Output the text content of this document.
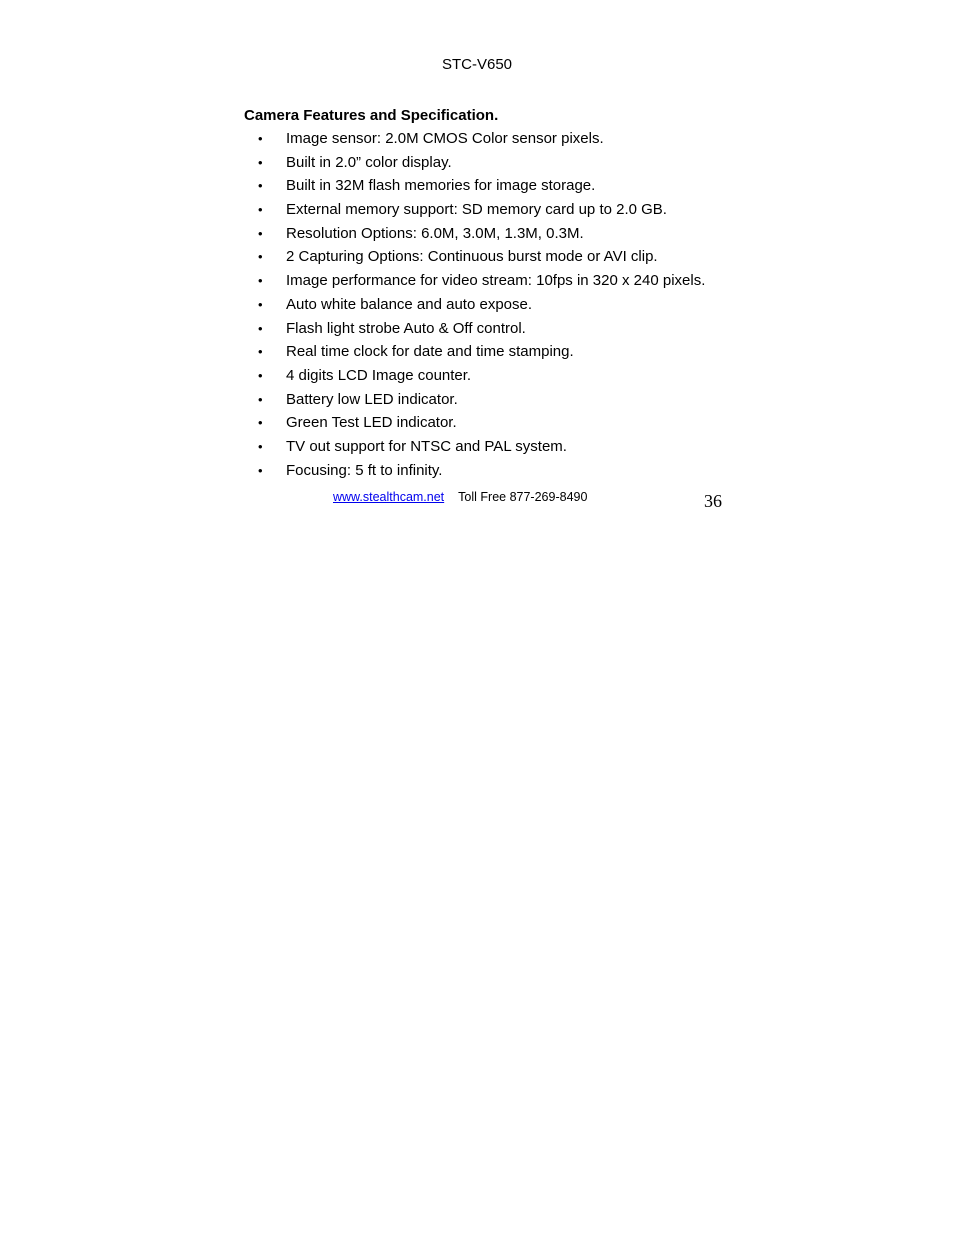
STC-V650
Camera Features and Specification.
• Image sensor: 2.0M CMOS Color sensor pixels.
• Built in 2.0” color display.
• Built in 32M flash memories for image storage.
• External memory support: SD memory card up to 2.0 GB.
• Resolution Options: 6.0M, 3.0M, 1.3M, 0.3M.
• 2 Capturing Options: Continuous burst mode or AVI clip.
• Image performance for video stream: 10fps in 320 x 240 pixels.
• Auto white balance and auto expose.
• Flash light strobe Auto & Off control.
• Real time clock for date and time stamping.
• 4 digits LCD Image counter.
• Battery low LED indicator.
• Green Test LED indicator.
• TV out support for NTSC and PAL system.
• Focusing: 5 ft to infinity.
www.stealthcam.net Toll Free 877-269-8490	36
